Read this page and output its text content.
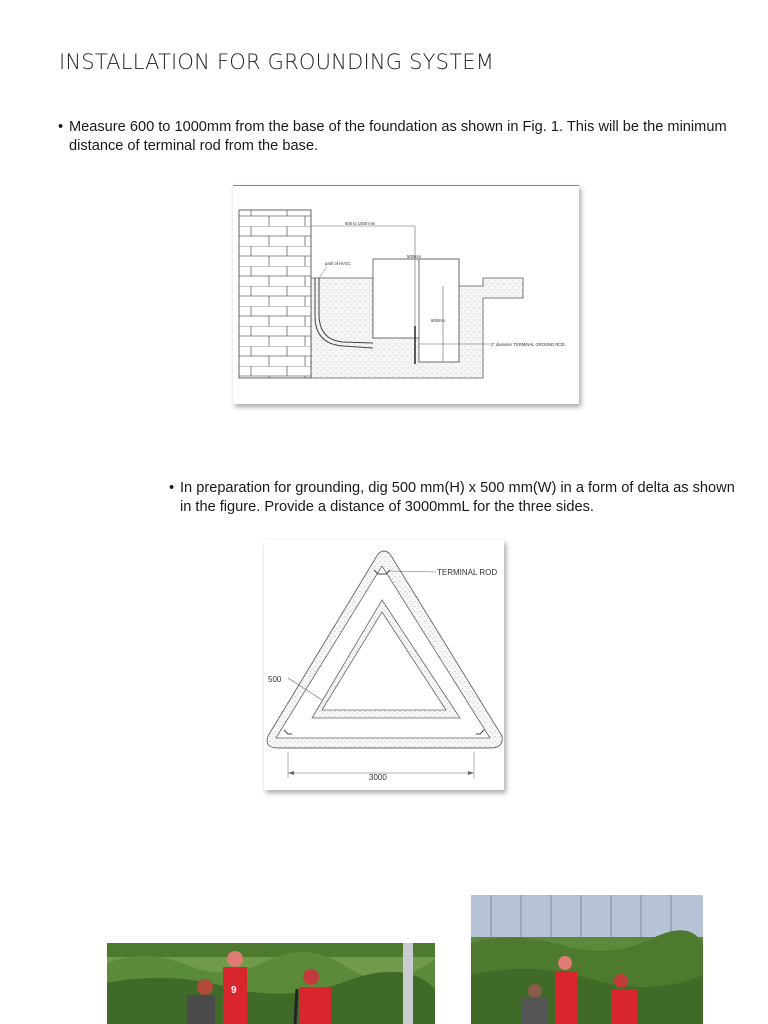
INSTALLATION FOR GROUNDING SYSTEM
• Measure 600 to 1000mm from the base of the foundation as shown in Fig. 1. This will be the minimum distance of terminal rod from the base.
600 to 1000 mm
500mm
path of HVSC
600mm
2" diameter TERMINAL GROUND ROD
• In preparation for grounding, dig 500 mm(H) x 500 mm(W) in a form of delta as shown in the figure. Provide a distance of 3000mmL for the three sides.
TERMINAL ROD
500
3000
9
